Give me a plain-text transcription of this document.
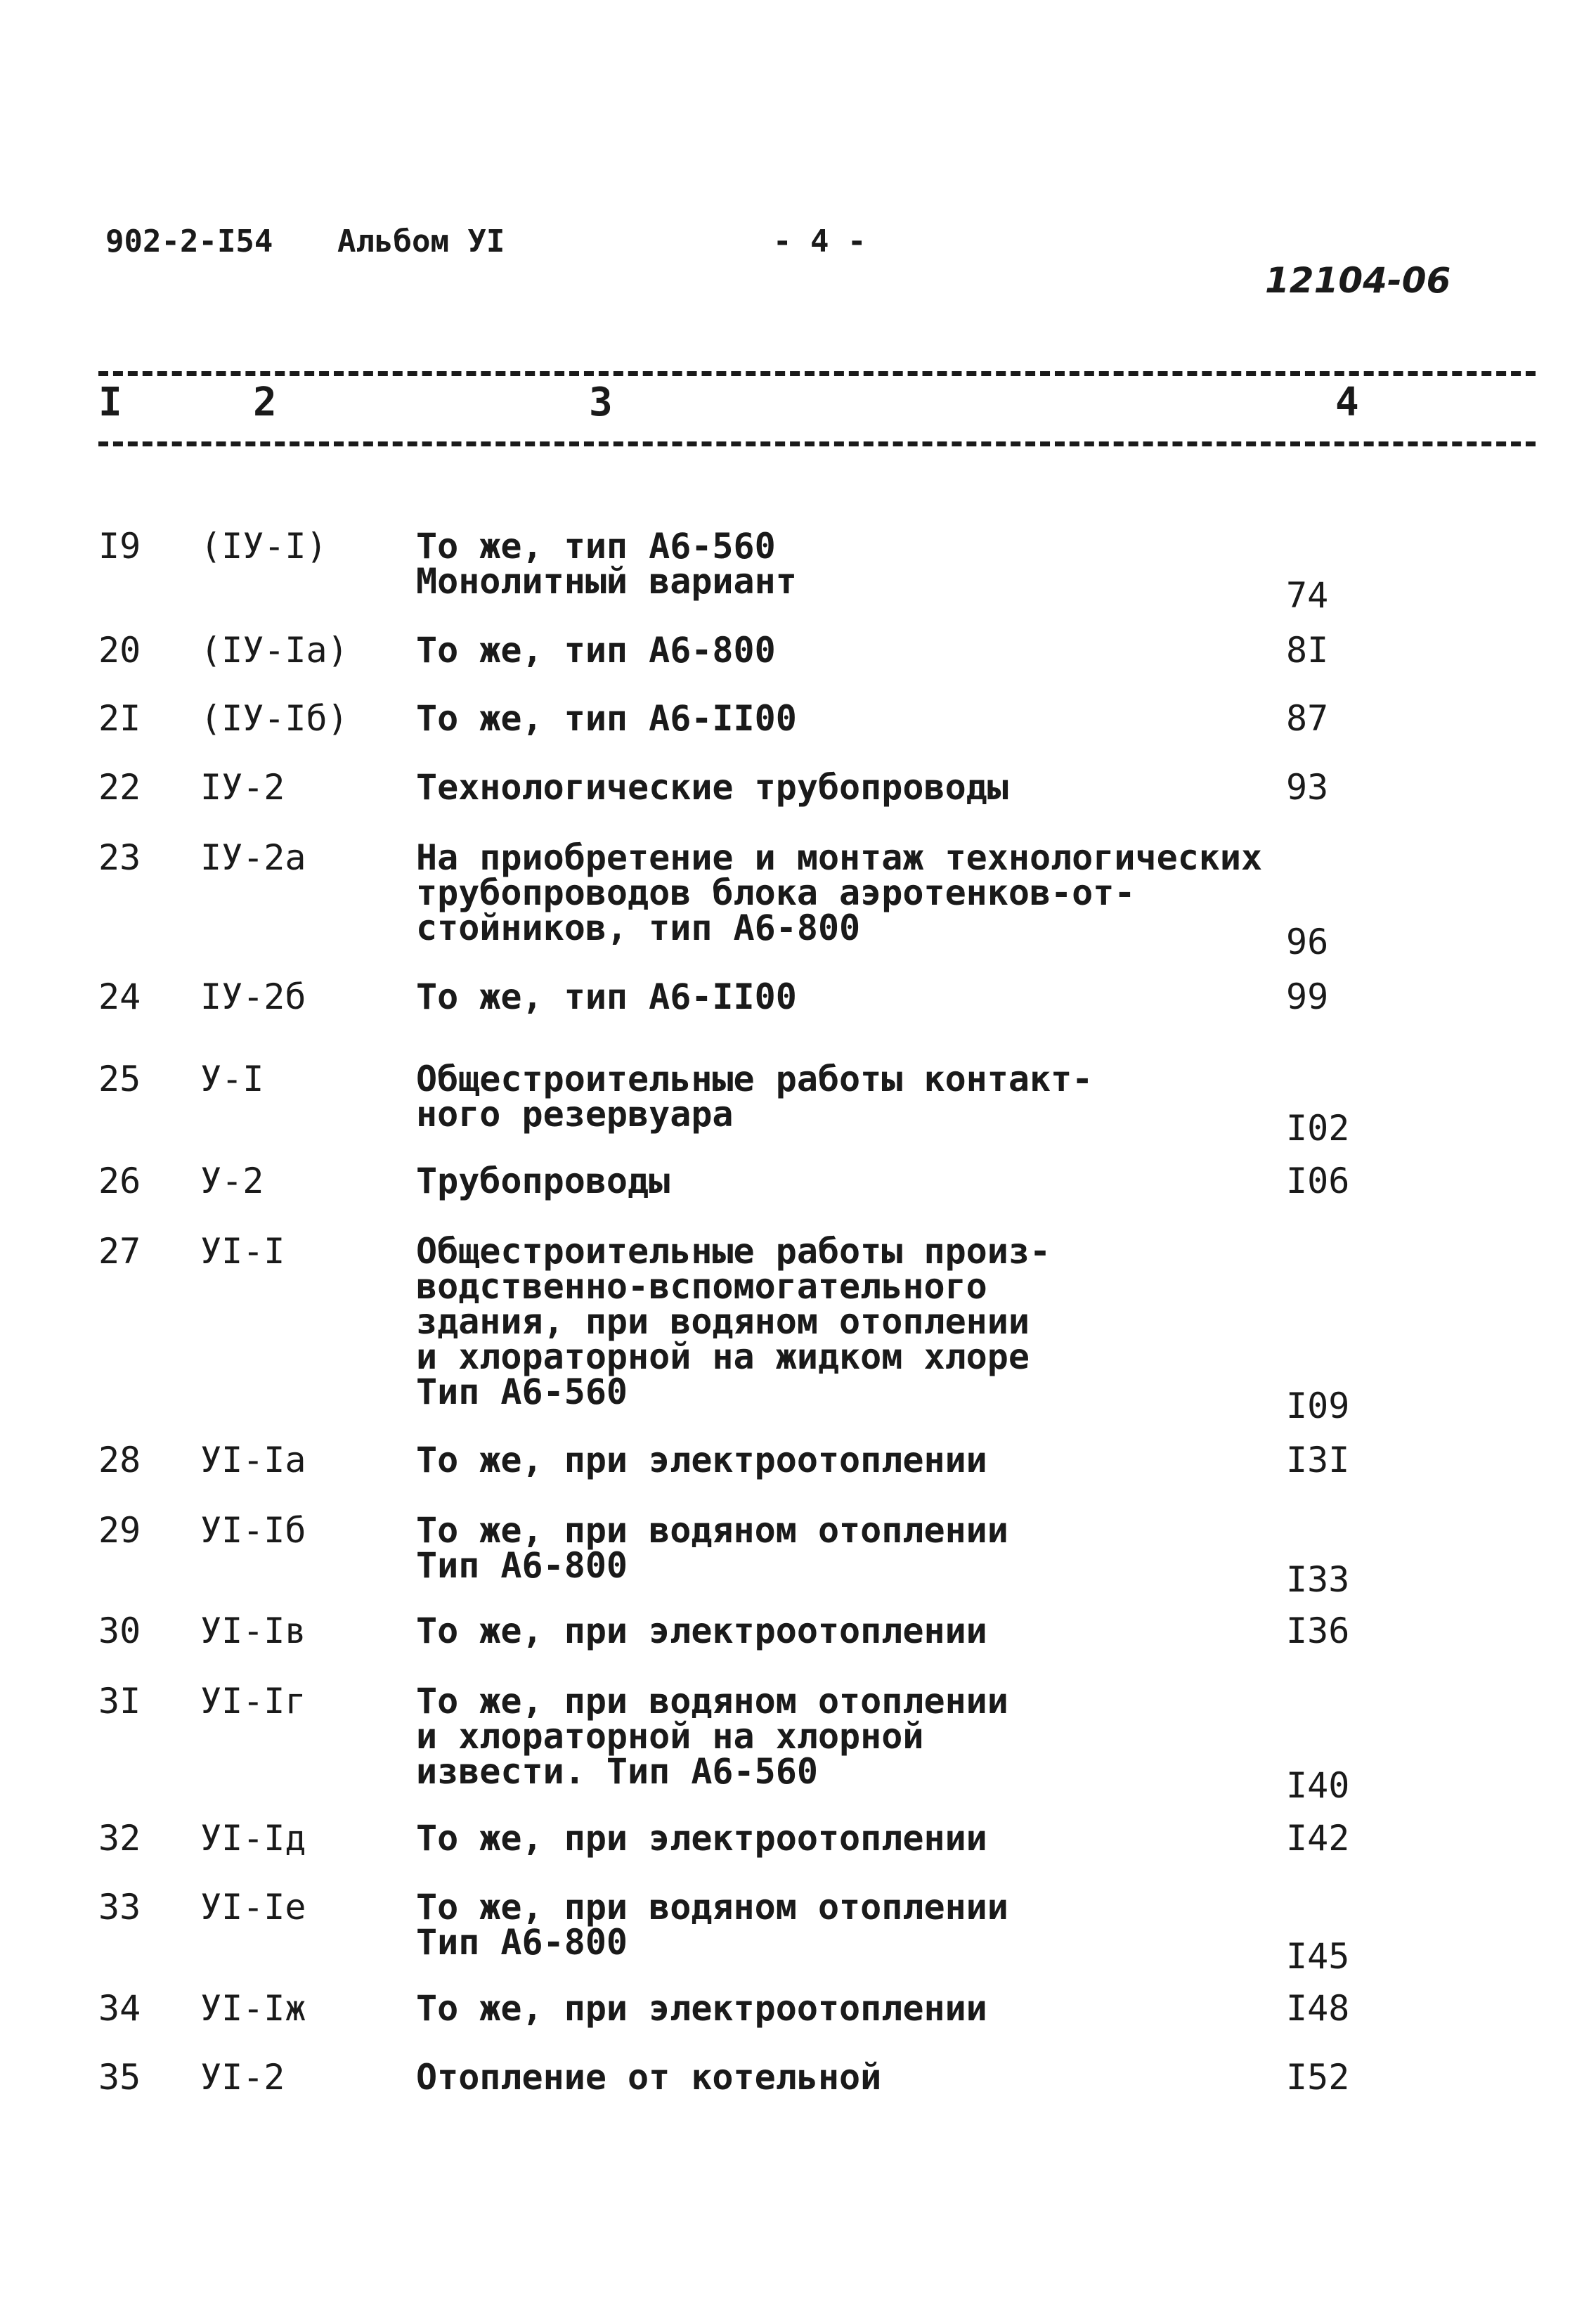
902-2-I54 Альбом УI	- 4 -
12104-06
I	2	3	4
I9 (IУ-I)	То же, тип А6-560
Монолитный вариант	74
20 (IУ-Iа) То же, тип А6-800	8I
2I (IУ-Iб) То же, тип А6-II00	87
22 IУ-2	Технологические трубопроводы	93
23 IУ-2а	На приобретение и монтаж технологических
трубопроводов блока аэротенков-от-
стойников, тип А6-800	96
24 IУ-2б	То же, тип А6-II00	99
25 У-I	Общестроительные работы контакт-
ного резервуара	I02
26 У-2	Трубопроводы	I06
27 УI-I	Общестроительные работы произ-
водственно-вспомогательного
здания, при водяном отоплении
и хлораторной на жидком хлоре
Тип А6-560	I09
28 УI-Iа	То же, при электроотоплении	I3I
29 УI-Iб	То же, при водяном отоплении
Тип А6-800	I33
30 УI-Iв	То же, при электроотоплении	I36
3I УI-Iг	То же, при водяном отоплении
и хлораторной на хлорной
извести. Тип А6-560	I40
32 УI-Iд	То же, при электроотоплении	I42
33 УI-Iе	То же, при водяном отоплении
Тип А6-800	I45
34 УI-Iж	То же, при электроотоплении	I48
35 УI-2	Отопление от котельной	I52
